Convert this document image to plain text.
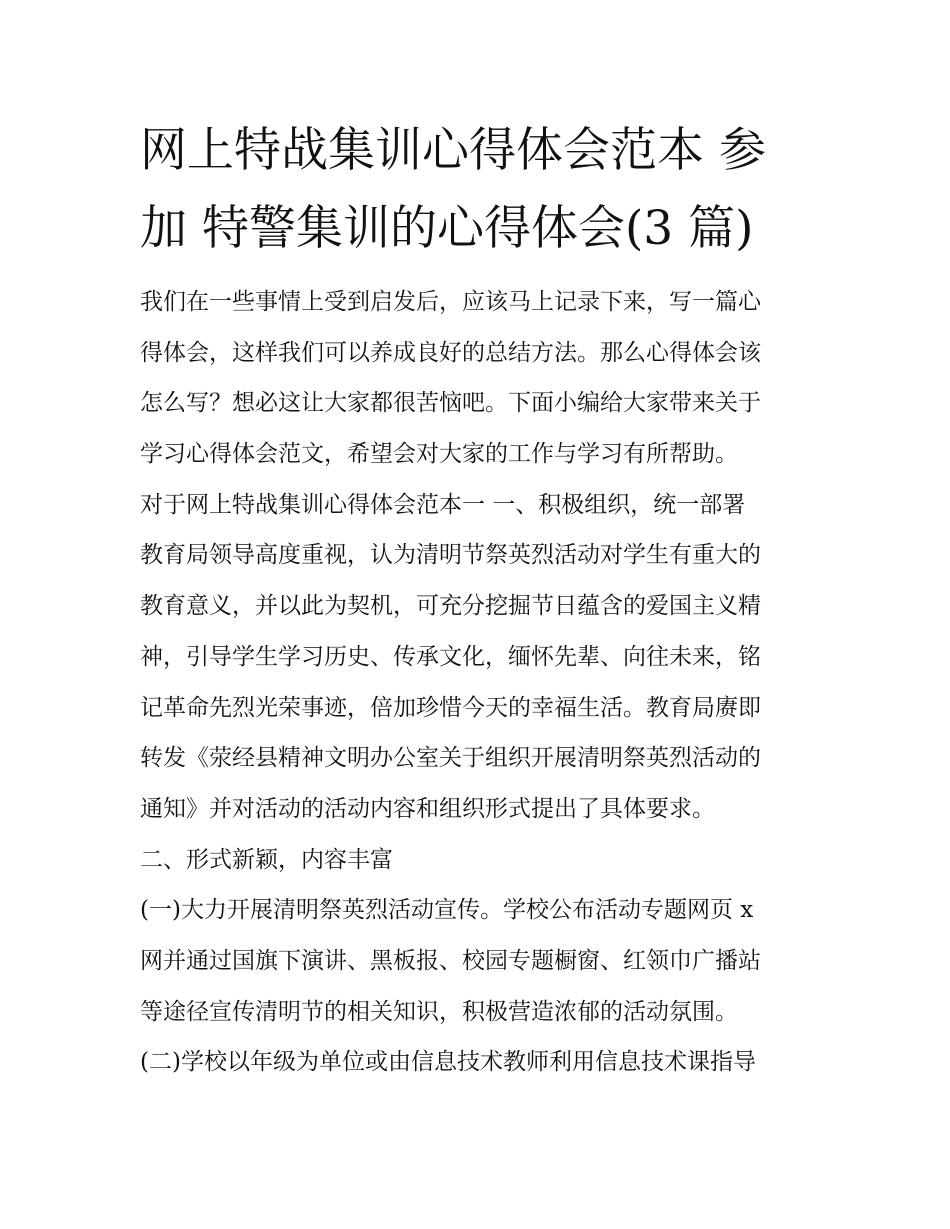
网上特战集训心得体会范本 参
加 特警集训的心得体会(3 篇)
我们在一些事情上受到启发后，应该马上记录下来，写一篇心
得体会，这样我们可以养成良好的总结方法。那么心得体会该
怎么写？想必这让大家都很苦恼吧。下面小编给大家带来关于
学习心得体会范文，希望会对大家的工作与学习有所帮助。
对于网上特战集训心得体会范本一 一、积极组织，统一部署
教育局领导高度重视，认为清明节祭英烈活动对学生有重大的
教育意义，并以此为契机，可充分挖掘节日蕴含的爱国主义精
神，引导学生学习历史、传承文化，缅怀先辈、向往未来，铭
记革命先烈光荣事迹，倍加珍惜今天的幸福生活。教育局赓即
转发《荥经县精神文明办公室关于组织开展清明祭英烈活动的
通知》并对活动的活动内容和组织形式提出了具体要求。
二、形式新颖，内容丰富
(一)大力开展清明祭英烈活动宣传。学校公布活动专题网页 x
网并通过国旗下演讲、黑板报、校园专题橱窗、红领巾广播站
等途径宣传清明节的相关知识，积极营造浓郁的活动氛围。
(二)学校以年级为单位或由信息技术教师利用信息技术课指导
